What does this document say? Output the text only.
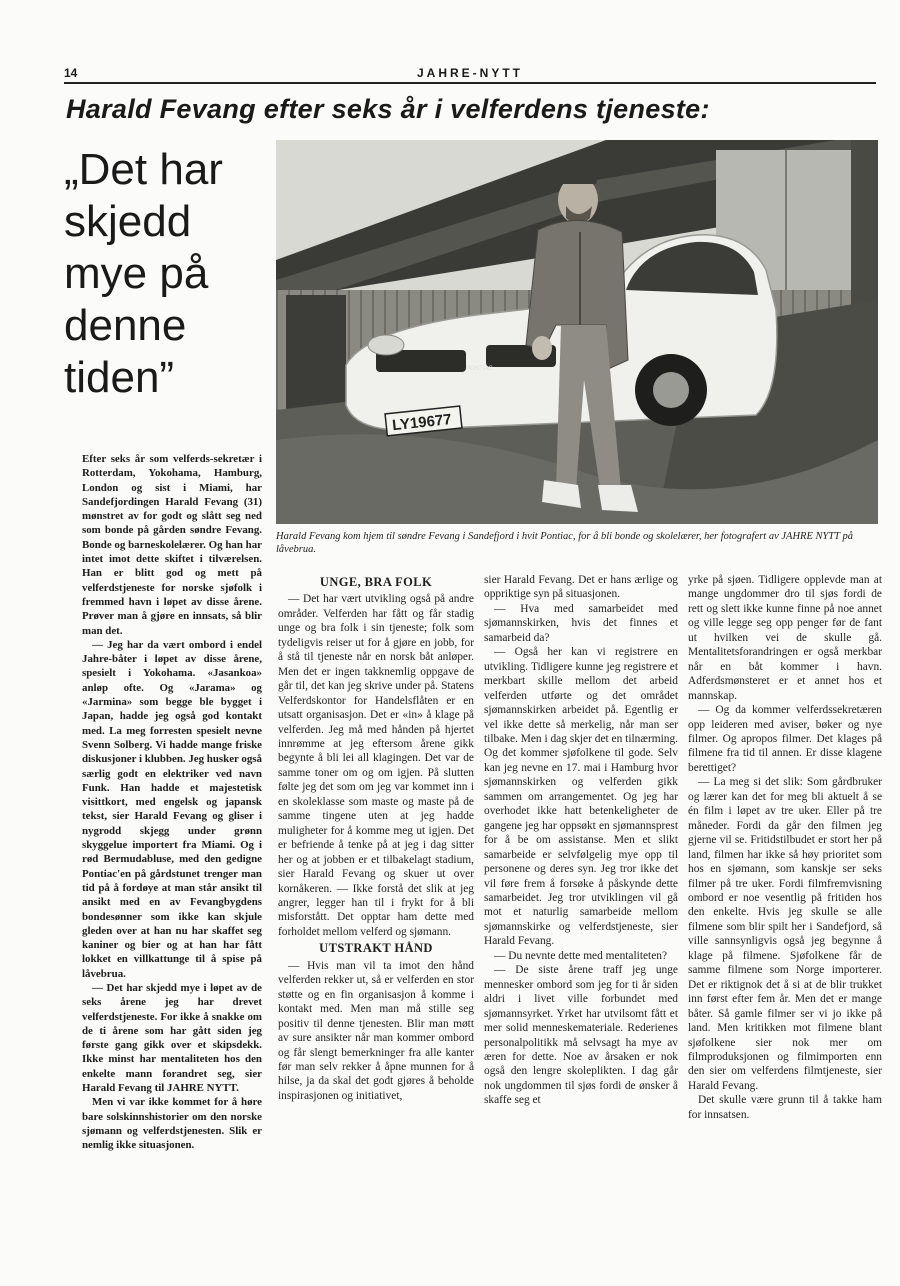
14	JAHRE-NYTT
Harald Fevang efter seks år i velferdens tjeneste:
„Det har
skjedd
mye på
denne
tiden”
LY19677
PONTIAC
Harald Fevang kom hjem til søndre Fevang i Sandefjord i hvit Pontiac, for å bli bonde og skolelærer, her fotografert av JAHRE NYTT på låvebrua.

Efter seks år som velferds-sekretær i Rotterdam, Yokohama, Hamburg, London og sist i Miami, har Sandefjordingen Harald Fevang (31) mønstret av for godt og slått seg ned som bonde på gården søndre Fevang. Bonde og barneskolelærer. Og han har intet imot dette skiftet i tilværelsen. Han er blitt god og mett på velferdstjeneste for norske sjøfolk i fremmed havn i løpet av disse årene. Prøver man å gjøre en innsats, så blir man det.

— Jeg har da vært ombord i endel Jahre-båter i løpet av disse årene, spesielt i Yokohama. «Jasankoa» anløp ofte. Og «Jarama» og «Jarmina» som begge ble bygget i Japan, hadde jeg også god kontakt med. La meg forresten spesielt nevne Svenn Solberg. Vi hadde mange friske diskusjoner i klubben. Jeg husker også særlig godt en elektriker ved navn Funk. Han hadde et majestetisk visittkort, med engelsk og japansk tekst, sier Harald Fevang og gliser i nygrodd skjegg under grønn skyggelue importert fra Miami. Og i rød Bermudabluse, med den gedigne Pontiac'en på gårdstunet trenger man tid på å fordøye at man står ansikt til ansikt med en av Fevangbygdens bondesønner som ikke kan skjule gleden over at han nu har skaffet seg kaniner og bier og at han har fått lokket en villkattunge til å spise på låvebrua.

— Det har skjedd mye i løpet av de seks årene jeg har drevet velferdstjeneste. For ikke å snakke om de ti årene som har gått siden jeg første gang gikk over et skipsdekk. Ikke minst har mentaliteten hos den enkelte mann forandret seg, sier Harald Fevang til JAHRE NYTT.

Men vi var ikke kommet for å høre bare solskinnshistorier om den norske sjømann og velferdstjenesten. Slik er nemlig ikke situasjonen.

UNGE, BRA FOLK

— Det har vært utvikling også på andre områder. Velferden har fått og får stadig unge og bra folk i sin tjeneste; folk som tydeligvis reiser ut for å gjøre en jobb, for å stå til tjeneste når en norsk båt anløper. Men det er ingen takknemlig oppgave de går til, det kan jeg skrive under på. Statens Velferdskontor for Handelsflåten er en utsatt organisasjon. Det er «in» å klage på velferden. Jeg må med hånden på hjertet innrømme at jeg eftersom årene gikk begynte å bli lei all klagingen. Det var de samme toner om og om igjen. På slutten følte jeg det som om jeg var kommet inn i en skoleklasse som maste og maste på de samme tingene uten at jeg hadde muligheter for å komme meg ut igjen. Det er befriende å tenke på at jeg i dag sitter her og at jobben er et tilbakelagt stadium, sier Harald Fevang og skuer ut over kornåkeren. — Ikke forstå det slik at jeg angrer, legger han til i frykt for å bli misforstått. Det opptar ham dette med forholdet mellom velferd og sjømann.

UTSTRAKT HÅND

— Hvis man vil ta imot den hånd velferden rekker ut, så er velferden en stor støtte og en fin organisasjon å komme i kontakt med. Men man må stille seg positiv til denne tjenesten. Blir man møtt av sure ansikter når man kommer ombord og får slengt bemerkninger fra alle kanter før man selv rekker å åpne munnen for å hilse, ja da skal det godt gjøres å beholde inspirasjonen og initiativet,

sier Harald Fevang. Det er hans ærlige og oppriktige syn på situasjonen.

— Hva med samarbeidet med sjømannskirken, hvis det finnes et samarbeid da?

— Også her kan vi registrere en utvikling. Tidligere kunne jeg registrere et merkbart skille mellom det arbeid velferden utførte og det området sjømannskirken arbeidet på. Egentlig er vel ikke dette så merkelig, når man ser tilbake. Men i dag skjer det en tilnærming. Og det kommer sjøfolkene til gode. Selv kan jeg nevne en 17. mai i Hamburg hvor sjømannskirken og velferden gikk sammen om arrangementet. Og jeg har overhodet ikke hatt betenkeligheter de gangene jeg har oppsøkt en sjømannsprest for å be om assistanse. Men et slikt samarbeide er selvfølgelig mye opp til personene og deres syn. Jeg tror ikke det vil føre frem å forsøke å påskynde dette samarbeidet. Jeg tror utviklingen vil gå mot et naturlig samarbeide mellom sjømannskirke og velferdstjeneste, sier Harald Fevang.

— Du nevnte dette med mentaliteten?

— De siste årene traff jeg unge mennesker ombord som jeg for ti år siden aldri i livet ville forbundet med sjømannsyrket. Yrket har utvilsomt fått et mer solid menneskemateriale. Rederienes personalpolitikk må selvsagt ha mye av æren for dette. Noe av årsaken er nok også den lengre skoleplikten. I dag går nok ungdommen til sjøs fordi de ønsker å skaffe seg et

yrke på sjøen. Tidligere opplevde man at mange ungdommer dro til sjøs fordi de rett og slett ikke kunne finne på noe annet og ville legge seg opp penger før de fant ut hvilken vei de skulle gå. Mentalitetsforandringen er også merkbar når en båt kommer i havn. Adferdsmønsteret er et annet hos et mannskap.

— Og da kommer velferdssekretæren opp leideren med aviser, bøker og nye filmer. Og apropos filmer. Det klages på filmene fra tid til annen. Er disse klagene berettiget?

— La meg si det slik: Som gårdbruker og lærer kan det for meg bli aktuelt å se én film i løpet av tre uker. Eller på tre måneder. Fordi da går den filmen jeg gjerne vil se. Fritidstilbudet er stort her på land, filmen har ikke så høy prioritet som hos en sjømann, som kanskje ser seks filmer på tre uker. Fordi filmfremvisning ombord er noe vesentlig på fritiden hos den enkelte. Hvis jeg skulle se alle filmene som blir spilt her i Sandefjord, så ville sannsynligvis også jeg begynne å klage på filmene. Sjøfolkene får de samme filmene som Norge importerer. Det er riktignok det å si at de blir trukket inn først efter fem år. Men det er mange båter. Så gamle filmer ser vi jo ikke på land. Men kritikken mot filmene blant sjøfolkene sier nok mer om filmproduksjonen og filmimporten enn den sier om velferdens filmtjeneste, sier Harald Fevang.

Det skulle være grunn til å takke ham for innsatsen.
